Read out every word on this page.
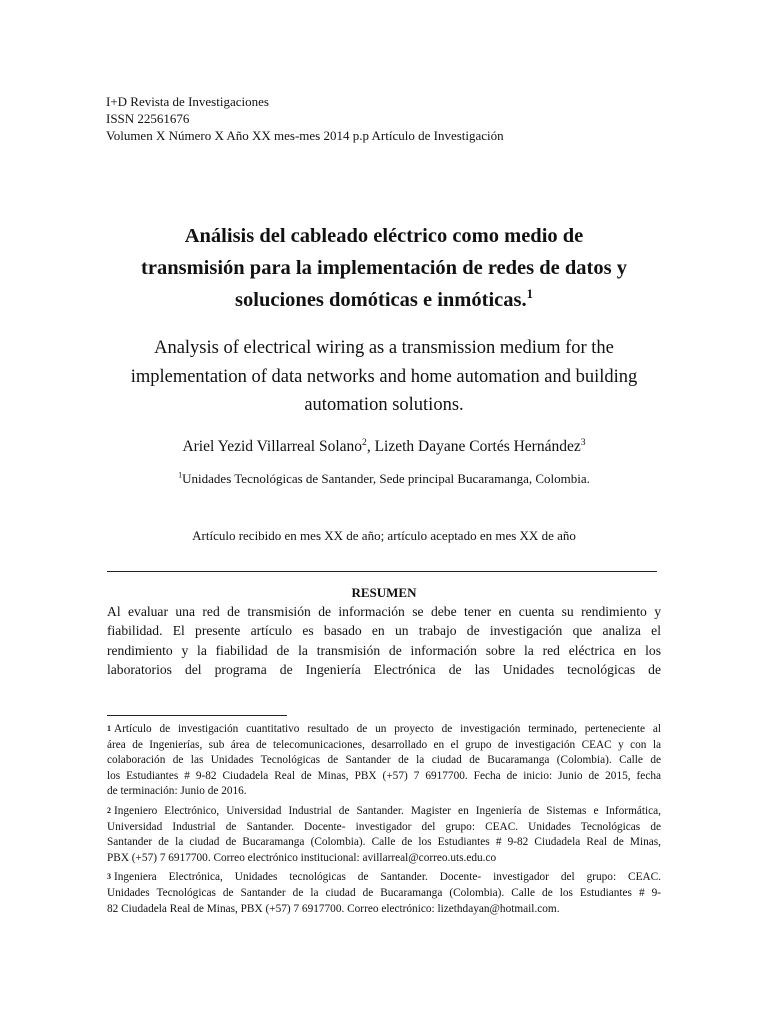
I+D Revista de Investigaciones
ISSN 22561676
Volumen X Número X Año XX mes-mes 2014 p.p Artículo de Investigación
Análisis del cableado eléctrico como medio de
transmisión para la implementación de redes de datos y
soluciones domóticas e inmóticas.$^1$
Analysis of electrical wiring as a transmission medium for the
implementation of data networks and home automation and building
automation solutions.
Ariel Yezid Villarreal Solano$^2$, Lizeth Dayane Cortés Hernández$^3$
$^1$Unidades Tecnológicas de Santander, Sede principal Bucaramanga, Colombia.
Artículo recibido en mes XX de año; artículo aceptado en mes XX de año
RESUMEN
Al evaluar una red de transmisión de información se debe tener en cuenta su rendimiento y
fiabilidad. El presente artículo es basado en un trabajo de investigación que analiza el
rendimiento y la fiabilidad de la transmisión de información sobre la red eléctrica en los
laboratorios del programa de Ingeniería Electrónica de las Unidades tecnológicas de
$^1$ Artículo de investigación cuantitativo resultado de un proyecto de investigación terminado, perteneciente al
área de Ingenierías, sub área de telecomunicaciones, desarrollado en el grupo de investigación CEAC y con la
colaboración de las Unidades Tecnológicas de Santander de la ciudad de Bucaramanga (Colombia). Calle de
los Estudiantes # 9-82 Ciudadela Real de Minas, PBX (+57) 7 6917700. Fecha de inicio: Junio de 2015, fecha
de terminación: Junio de 2016.
$^2$ Ingeniero Electrónico, Universidad Industrial de Santander. Magister en Ingeniería de Sistemas e Informática,
Universidad Industrial de Santander. Docente- investigador del grupo: CEAC. Unidades Tecnológicas de
Santander de la ciudad de Bucaramanga (Colombia). Calle de los Estudiantes # 9-82 Ciudadela Real de Minas,
PBX (+57) 7 6917700. Correo electrónico institucional: avillarreal@correo.uts.edu.co
$^3$ Ingeniera Electrónica, Unidades tecnológicas de Santander. Docente- investigador del grupo: CEAC.
Unidades Tecnológicas de Santander de la ciudad de Bucaramanga (Colombia). Calle de los Estudiantes # 9-
82 Ciudadela Real de Minas, PBX (+57) 7 6917700. Correo electrónico: lizethdayan@hotmail.com.
